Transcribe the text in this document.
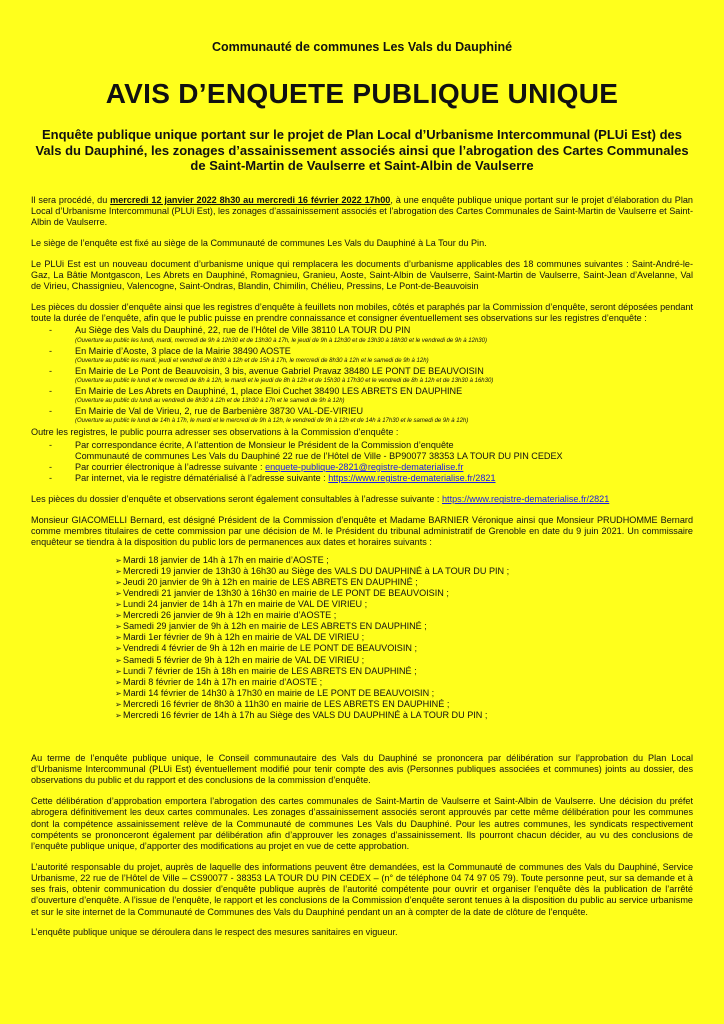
Communauté de communes Les Vals du Dauphiné
AVIS D’ENQUETE PUBLIQUE UNIQUE
Enquête publique unique portant sur le projet de Plan Local d’Urbanisme Intercommunal (PLUi Est) des Vals du Dauphiné, les zonages d’assainissement associés ainsi que l’abrogation des Cartes Communales de Saint-Martin de Vaulserre et Saint-Albin de Vaulserre

Il sera procédé, du mercredi 12 janvier 2022 8h30 au mercredi 16 février 2022 17h00, à une enquête publique unique portant sur le projet d’élaboration du Plan Local d’Urbanisme Intercommunal (PLUi Est), les zonages d’assainissement associés et l’abrogation des Cartes Communales de Saint-Martin de Vaulserre et Saint-Albin de Vaulserre.

Le siège de l’enquête est fixé au siège de la Communauté de communes Les Vals du Dauphiné à La Tour du Pin.

Le PLUi Est est un nouveau document d’urbanisme unique qui remplacera les documents d’urbanisme applicables des 18 communes suivantes : Saint-André-le-Gaz, La Bâtie Montgascon, Les Abrets en Dauphiné, Romagnieu, Granieu, Aoste, Saint-Albin de Vaulserre, Saint-Martin de Vaulserre, Saint-Jean d’Avelanne, Val de Virieu, Chassignieu, Valencogne, Saint-Ondras, Blandin, Chimilin, Chélieu, Pressins, Le Pont-de-Beauvoisin

Les pièces du dossier d’enquête ainsi que les registres d’enquête à feuillets non mobiles, côtés et paraphés par la Commission d’enquête, seront déposées pendant toute la durée de l’enquête, afin que le public puisse en prendre connaissance et consigner éventuellement ses observations sur les registres d’enquête :

-	Au Siège des Vals du Dauphiné, 22, rue de l’Hôtel de Ville 38110 LA TOUR DU PIN
(Ouverture au public les lundi, mardi, mercredi de 9h à 12h30 et de 13h30 à 17h, le jeudi de 9h à 12h30 et de 13h30 à 18h30 et le vendredi de 9h à 12h30)
-	En Mairie d’Aoste, 3 place de la Mairie 38490 AOSTE
(Ouverture au public les mardi, jeudi et vendredi de 8h30 à 12h et de 15h à 17h, le mercredi de 8h30 à 12h et le samedi de 9h à 12h)
-	En Mairie de Le Pont de Beauvoisin, 3 bis, avenue Gabriel Pravaz 38480 LE PONT DE BEAUVOISIN
(Ouverture au public le lundi et le mercredi de 8h à 12h, le mardi et le jeudi de 8h à 12h et de 15h30 à 17h30 et le vendredi de 8h à 12h et de 13h30 à 16h30)
-	En Mairie de Les Abrets en Dauphiné, 1, place Eloi Cuchet 38490 LES ABRETS EN DAUPHINE
(Ouverture au public du lundi au vendredi de 8h30 à 12h et de 13h30 à 17h et le samedi de 9h à 12h)
-	En Mairie de Val de Virieu, 2, rue de Barbenière 38730 VAL-DE-VIRIEU
(Ouverture au public le lundi de 14h à 17h, le mardi et le mercredi de 9h à 12h, le vendredi de 9h à 12h et de 14h à 17h30 et le samedi de 9h à 12h)

Outre les registres, le public pourra adresser ses observations à la Commission d’enquête :

-	Par correspondance écrite, A l’attention de Monsieur le Président de la Commission d’enquête
Communauté de communes Les Vals du Dauphiné 22 rue de l’Hôtel de Ville - BP90077 38353 LA TOUR DU PIN CEDEX
-	Par courrier électronique à l’adresse suivante : enquete-publique-2821@registre-dematerialise.fr
-	Par internet, via le registre dématérialisé à l’adresse suivante : https://www.registre-dematerialise.fr/2821

Les pièces du dossier d’enquête et observations seront également consultables à l’adresse suivante : https://www.registre-dematerialise.fr/2821

Monsieur GIACOMELLI Bernard, est désigné Président de la Commission d’enquête et Madame BARNIER Véronique ainsi que Monsieur PRUDHOMME Bernard comme membres titulaires de cette commission par une décision de M. le Président du tribunal administratif de Grenoble en date du 9 juin 2021. Un commissaire enquêteur se tiendra à la disposition du public lors de permanences aux dates et horaires suivants :

➢ Mardi 18 janvier de 14h à 17h en mairie d’AOSTE ;
➢ Mercredi 19 janvier de 13h30 à 16h30 au Siège des VALS DU DAUPHINÉ à LA TOUR DU PIN ;
➢ Jeudi 20 janvier de 9h à 12h en mairie de LES ABRETS EN DAUPHINÉ ;
➢ Vendredi 21 janvier de 13h30 à 16h30 en mairie de LE PONT DE BEAUVOISIN ;
➢ Lundi 24 janvier de 14h à 17h en mairie de VAL DE VIRIEU ;
➢ Mercredi 26 janvier de 9h à 12h en mairie d’AOSTE ;
➢ Samedi 29 janvier de 9h à 12h en mairie de LES ABRETS EN DAUPHINÉ ;
➢ Mardi 1er février de 9h à 12h en mairie de VAL DE VIRIEU ;
➢ Vendredi 4 février de 9h à 12h en mairie de LE PONT DE BEAUVOISIN ;
➢ Samedi 5 février de 9h à 12h en mairie de VAL DE VIRIEU ;
➢ Lundi 7 février de 15h à 18h en mairie de LES ABRETS EN DAUPHINÉ ;
➢ Mardi 8 février de 14h à 17h en mairie d’AOSTE ;
➢ Mardi 14 février de 14h30 à 17h30 en mairie de LE PONT DE BEAUVOISIN ;
➢ Mercredi 16 février de 8h30 à 11h30 en mairie de LES ABRETS EN DAUPHINÉ ;
➢ Mercredi 16 février de 14h à 17h au Siège des VALS DU DAUPHINÉ à LA TOUR DU PIN ;

Au terme de l’enquête publique unique, le Conseil communautaire des Vals du Dauphiné se prononcera par délibération sur l’approbation du Plan Local d’Urbanisme Intercommunal (PLUi Est) éventuellement modifié pour tenir compte des avis (Personnes publiques associées et communes) joints au dossier, des observations du public et du rapport et des conclusions de la commission d’enquête.

Cette délibération d’approbation emportera l’abrogation des cartes communales de Saint-Martin de Vaulserre et Saint-Albin de Vaulserre. Une décision du préfet abrogera définitivement les deux cartes communales. Les zonages d’assainissement associés seront approuvés par cette même délibération pour les communes dont la compétence assainissement relève de la Communauté de communes Les Vals du Dauphiné. Pour les autres communes, les syndicats respectivement compétents se prononceront également par délibération afin d’approuver les zonages d’assainissement. Ils pourront chacun décider, au vu des conclusions de l’enquête publique unique, d’apporter des modifications au projet en vue de cette approbation.

L’autorité responsable du projet, auprès de laquelle des informations peuvent être demandées, est la Communauté de communes des Vals du Dauphiné, Service Urbanisme, 22 rue de l’Hôtel de Ville – CS90077 - 38353 LA TOUR DU PIN CEDEX – (n° de téléphone 04 74 97 05 79). Toute personne peut, sur sa demande et à ses frais, obtenir communication du dossier d’enquête publique auprès de l’autorité compétente pour ouvrir et organiser l’enquête dès la publication de l’arrêté d’ouverture d’enquête. A l’issue de l’enquête, le rapport et les conclusions de la Commission d’enquête seront tenues à la disposition du public au service urbanisme et sur le site internet de la Communauté de Communes des Vals du Dauphiné pendant un an à compter de la date de clôture de l’enquête.

L’enquête publique unique se déroulera dans le respect des mesures sanitaires en vigueur.
